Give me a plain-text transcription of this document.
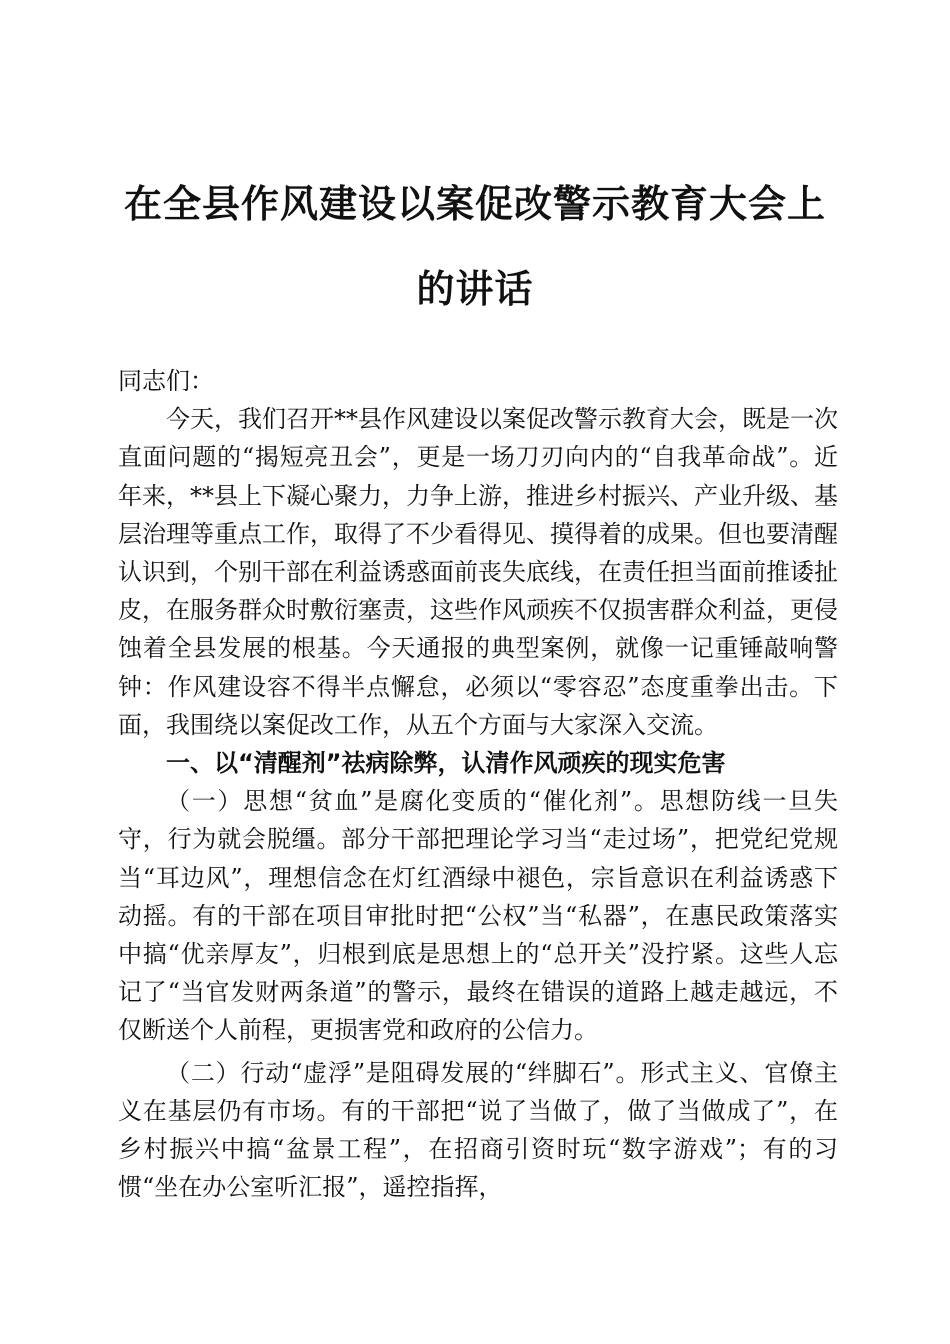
在全县作风建设以案促改警示教育大会上的讲话

同志们：

今天，我们召开**县作风建设以案促改警示教育大会，既是一次直面问题的“揭短亮丑会”，更是一场刀刃向内的“自我革命战”。近年来，**县上下凝心聚力，力争上游，推进乡村振兴、产业升级、基层治理等重点工作，取得了不少看得见、摸得着的成果。但也要清醒认识到，个别干部在利益诱惑面前丧失底线，在责任担当面前推诿扯皮，在服务群众时敷衍塞责，这些作风顽疾不仅损害群众利益，更侵蚀着全县发展的根基。今天通报的典型案例，就像一记重锤敲响警钟：作风建设容不得半点懈怠，必须以“零容忍”态度重拳出击。下面，我围绕以案促改工作，从五个方面与大家深入交流。

一、以“清醒剂”祛病除弊，认清作风顽疾的现实危害

（一）思想“贫血”是腐化变质的“催化剂”。思想防线一旦失守，行为就会脱缰。部分干部把理论学习当“走过场”，把党纪党规当“耳边风”，理想信念在灯红酒绿中褪色，宗旨意识在利益诱惑下动摇。有的干部在项目审批时把“公权”当“私器”，在惠民政策落实中搞“优亲厚友”，归根到底是思想上的“总开关”没拧紧。这些人忘记了“当官发财两条道”的警示，最终在错误的道路上越走越远，不仅断送个人前程，更损害党和政府的公信力。

（二）行动“虚浮”是阻碍发展的“绊脚石”。形式主义、官僚主义在基层仍有市场。有的干部把“说了当做了，做了当做成了”，在乡村振兴中搞“盆景工程”，在招商引资时玩“数字游戏”；有的习惯“坐在办公室听汇报”，遥控指挥，
